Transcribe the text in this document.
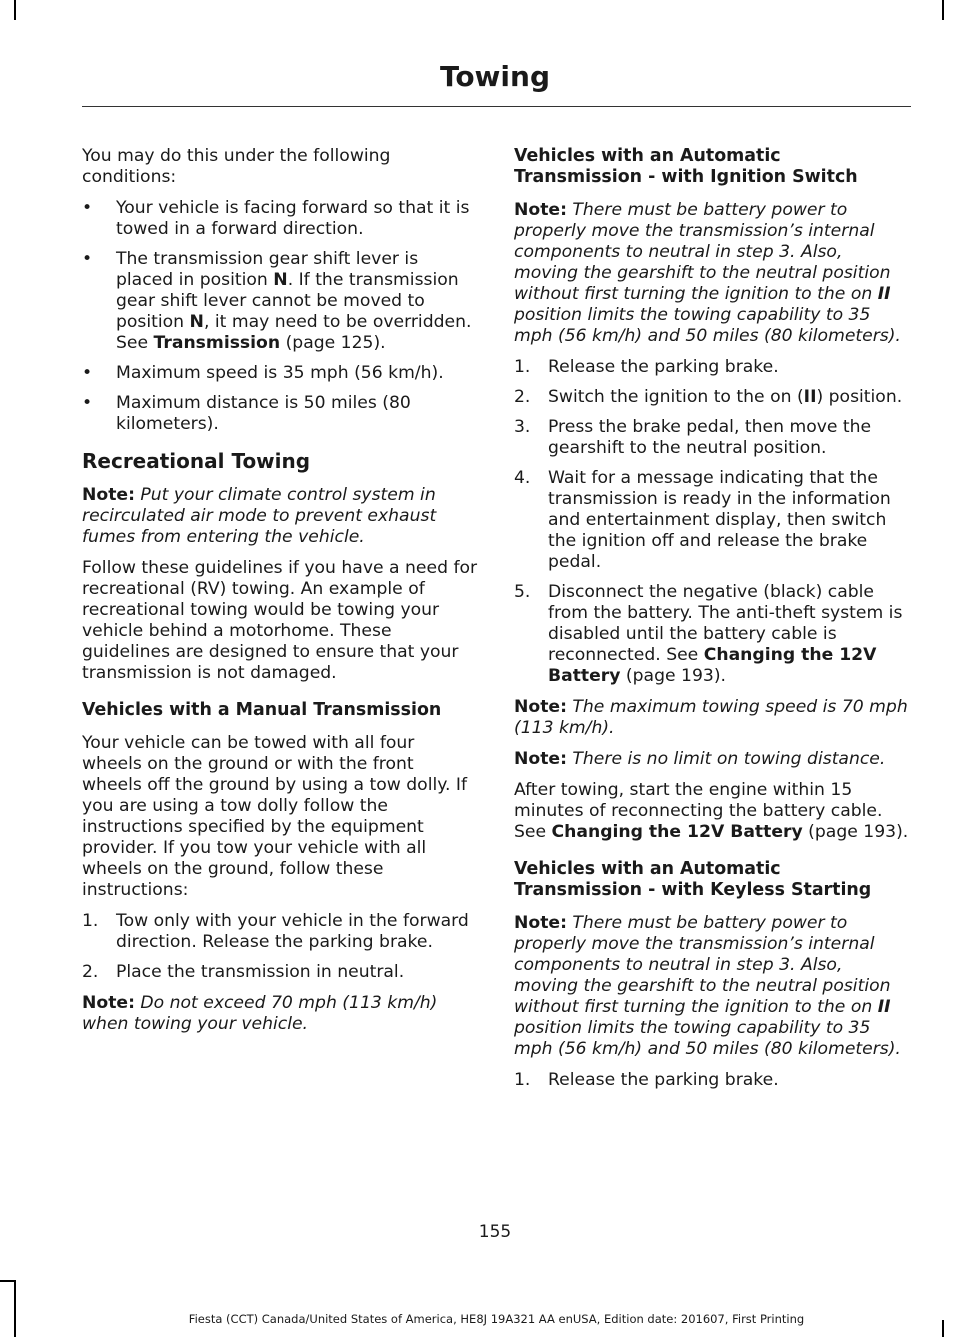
Towing

You may do this under the following conditions:

• Your vehicle is facing forward so that it is towed in a forward direction.
• The transmission gear shift lever is placed in position N. If the transmission gear shift lever cannot be moved to position N, it may need to be overridden. See Transmission (page 125).
• Maximum speed is 35 mph (56 km/h).
• Maximum distance is 50 miles (80 kilometers).
Recreational Towing

Note: Put your climate control system in recirculated air mode to prevent exhaust fumes from entering the vehicle.

Follow these guidelines if you have a need for recreational (RV) towing. An example of recreational towing would be towing your vehicle behind a motorhome. These guidelines are designed to ensure that your transmission is not damaged.

Vehicles with a Manual Transmission

Your vehicle can be towed with all four wheels on the ground or with the front wheels off the ground by using a tow dolly. If you are using a tow dolly follow the instructions specified by the equipment provider. If you tow your vehicle with all wheels on the ground, follow these instructions:

1. Tow only with your vehicle in the forward direction. Release the parking brake.
2. Place the transmission in neutral.

Note: Do not exceed 70 mph (113 km/h) when towing your vehicle.

Vehicles with an Automatic Transmission - with Ignition Switch

Note: There must be battery power to properly move the transmission’s internal components to neutral in step 3. Also, moving the gearshift to the neutral position without first turning the ignition to the on II position limits the towing capability to 35 mph (56 km/h) and 50 miles (80 kilometers).

1. Release the parking brake.
2. Switch the ignition to the on (II) position.
3. Press the brake pedal, then move the gearshift to the neutral position.
4. Wait for a message indicating that the transmission is ready in the information and entertainment display, then switch the ignition off and release the brake pedal.
5. Disconnect the negative (black) cable from the battery. The anti-theft system is disabled until the battery cable is reconnected. See Changing the 12V Battery (page 193).

Note: The maximum towing speed is 70 mph (113 km/h).

Note: There is no limit on towing distance.

After towing, start the engine within 15 minutes of reconnecting the battery cable. See Changing the 12V Battery (page 193).

Vehicles with an Automatic Transmission - with Keyless Starting

Note: There must be battery power to properly move the transmission’s internal components to neutral in step 3. Also, moving the gearshift to the neutral position without first turning the ignition to the on II position limits the towing capability to 35 mph (56 km/h) and 50 miles (80 kilometers).

1. Release the parking brake.
155
Fiesta (CCT) Canada/United States of America, HE8J 19A321 AA enUSA, Edition date: 201607, First Printing
